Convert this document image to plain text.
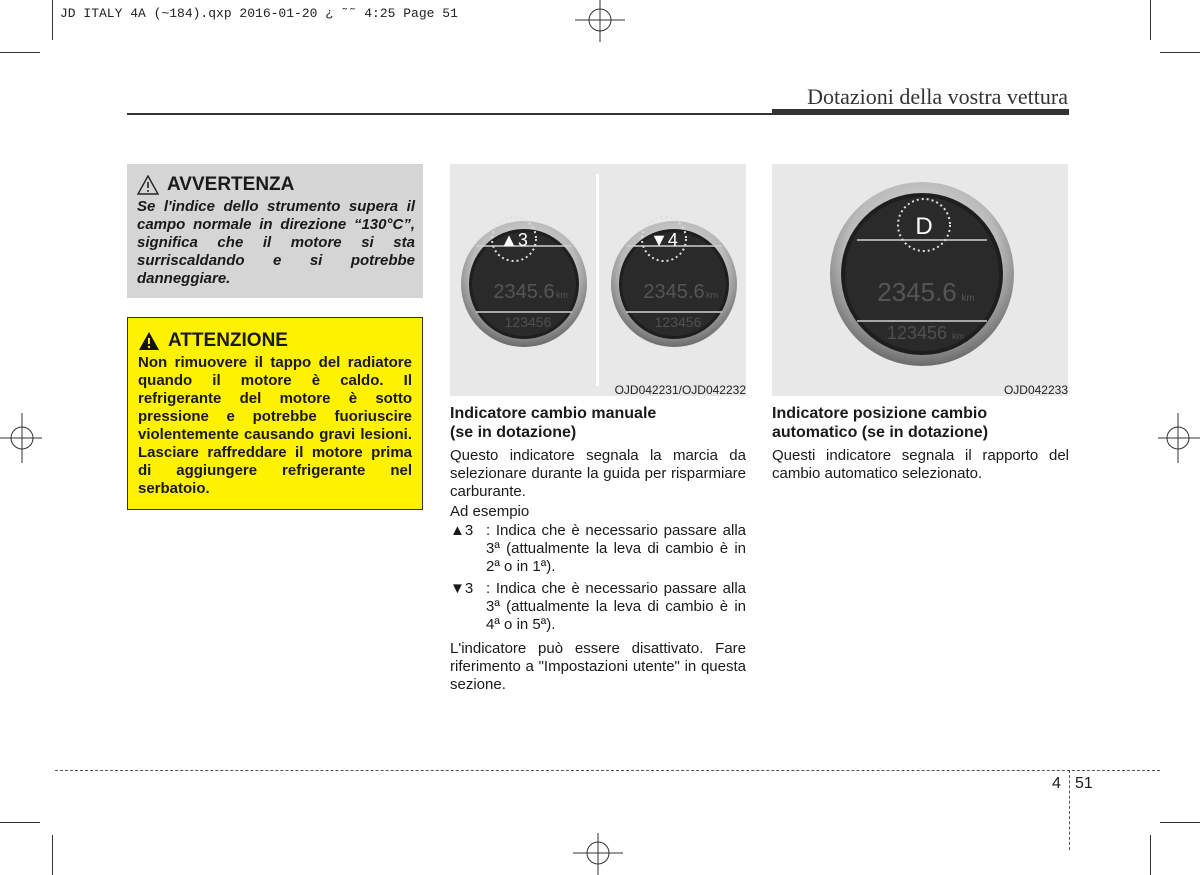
JD ITALY 4A (~184).qxp 2016-01-20 ¿ ˜˜ 4:25 Page 51
Dotazioni della vostra vettura
AVVERTENZA
Se l'indice dello strumento supera il campo normale in direzione “130°C”, significa che il motore si sta surriscaldando e si potrebbe danneggiare.
ATTENZIONE
Non rimuovere il tappo del radiatore quando il motore è caldo. Il refrigerante del motore è sotto pressione e potrebbe fuoriuscire violentemente causando gravi lesioni. Lasciare raffreddare il motore prima di aggiungere refrigerante nel serbatoio.
▲3
2345.6 km
123456
▼4
2345.6 km
123456
OJD042231/OJD042232
D
2345.6 km
123456 km
OJD042233
Indicatore cambio manuale
(se in dotazione)
Questo indicatore segnala la marcia da selezionare durante la guida per risparmiare carburante.
Ad esempio
▲3 : Indica che è necessario passare alla 3ª (attualmente la leva di cambio è in 2ª o in 1ª).
▼3 : Indica che è necessario passare alla 3ª (attualmente la leva di cambio è in 4ª o in 5ª).
L'indicatore può essere disattivato. Fare riferimento a "Impostazioni utente" in questa sezione.
Indicatore posizione cambio
automatico (se in dotazione)
Questi indicatore segnala il rapporto del cambio automatico selezionato.
4 51
